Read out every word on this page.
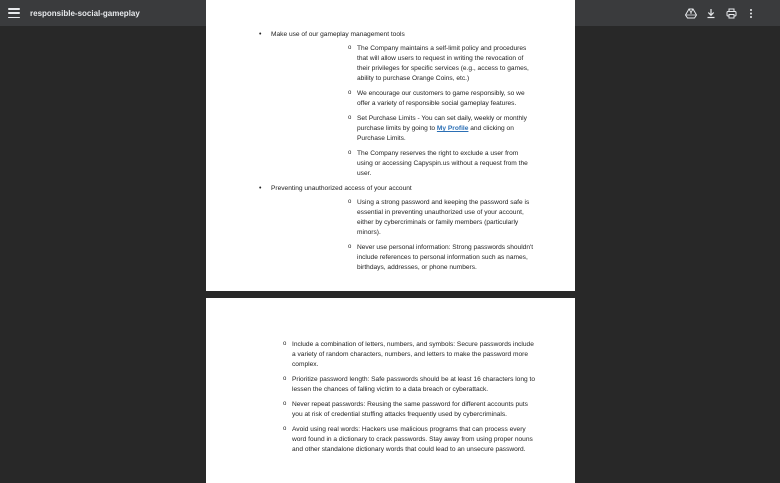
responsible-social-gameplay
• Make use of our gameplay management tools
o The Company maintains a self-limit policy and procedures that will allow users to request in writing the revocation of their privileges for specific services (e.g., access to games, ability to purchase Orange Coins, etc.)
o We encourage our customers to game responsibly, so we offer a variety of responsible social gameplay features.
o Set Purchase Limits - You can set daily, weekly or monthly purchase limits by going to My Profile and clicking on Purchase Limits.
o The Company reserves the right to exclude a user from using or accessing Capyspin.us without a request from the user.
• Preventing unauthorized access of your account
o Using a strong password and keeping the password safe is essential in preventing unauthorized use of your account, either by cybercriminals or family members (particularly minors).
o Never use personal information: Strong passwords shouldn't include references to personal information such as names, birthdays, addresses, or phone numbers.
o Include a combination of letters, numbers, and symbols: Secure passwords include a variety of random characters, numbers, and letters to make the password more complex.
o Prioritize password length: Safe passwords should be at least 16 characters long to lessen the chances of falling victim to a data breach or cyberattack.
o Never repeat passwords: Reusing the same password for different accounts puts you at risk of credential stuffing attacks frequently used by cybercriminals.
o Avoid using real words: Hackers use malicious programs that can process every word found in a dictionary to crack passwords. Stay away from using proper nouns and other standalone dictionary words that could lead to an unsecure password.
